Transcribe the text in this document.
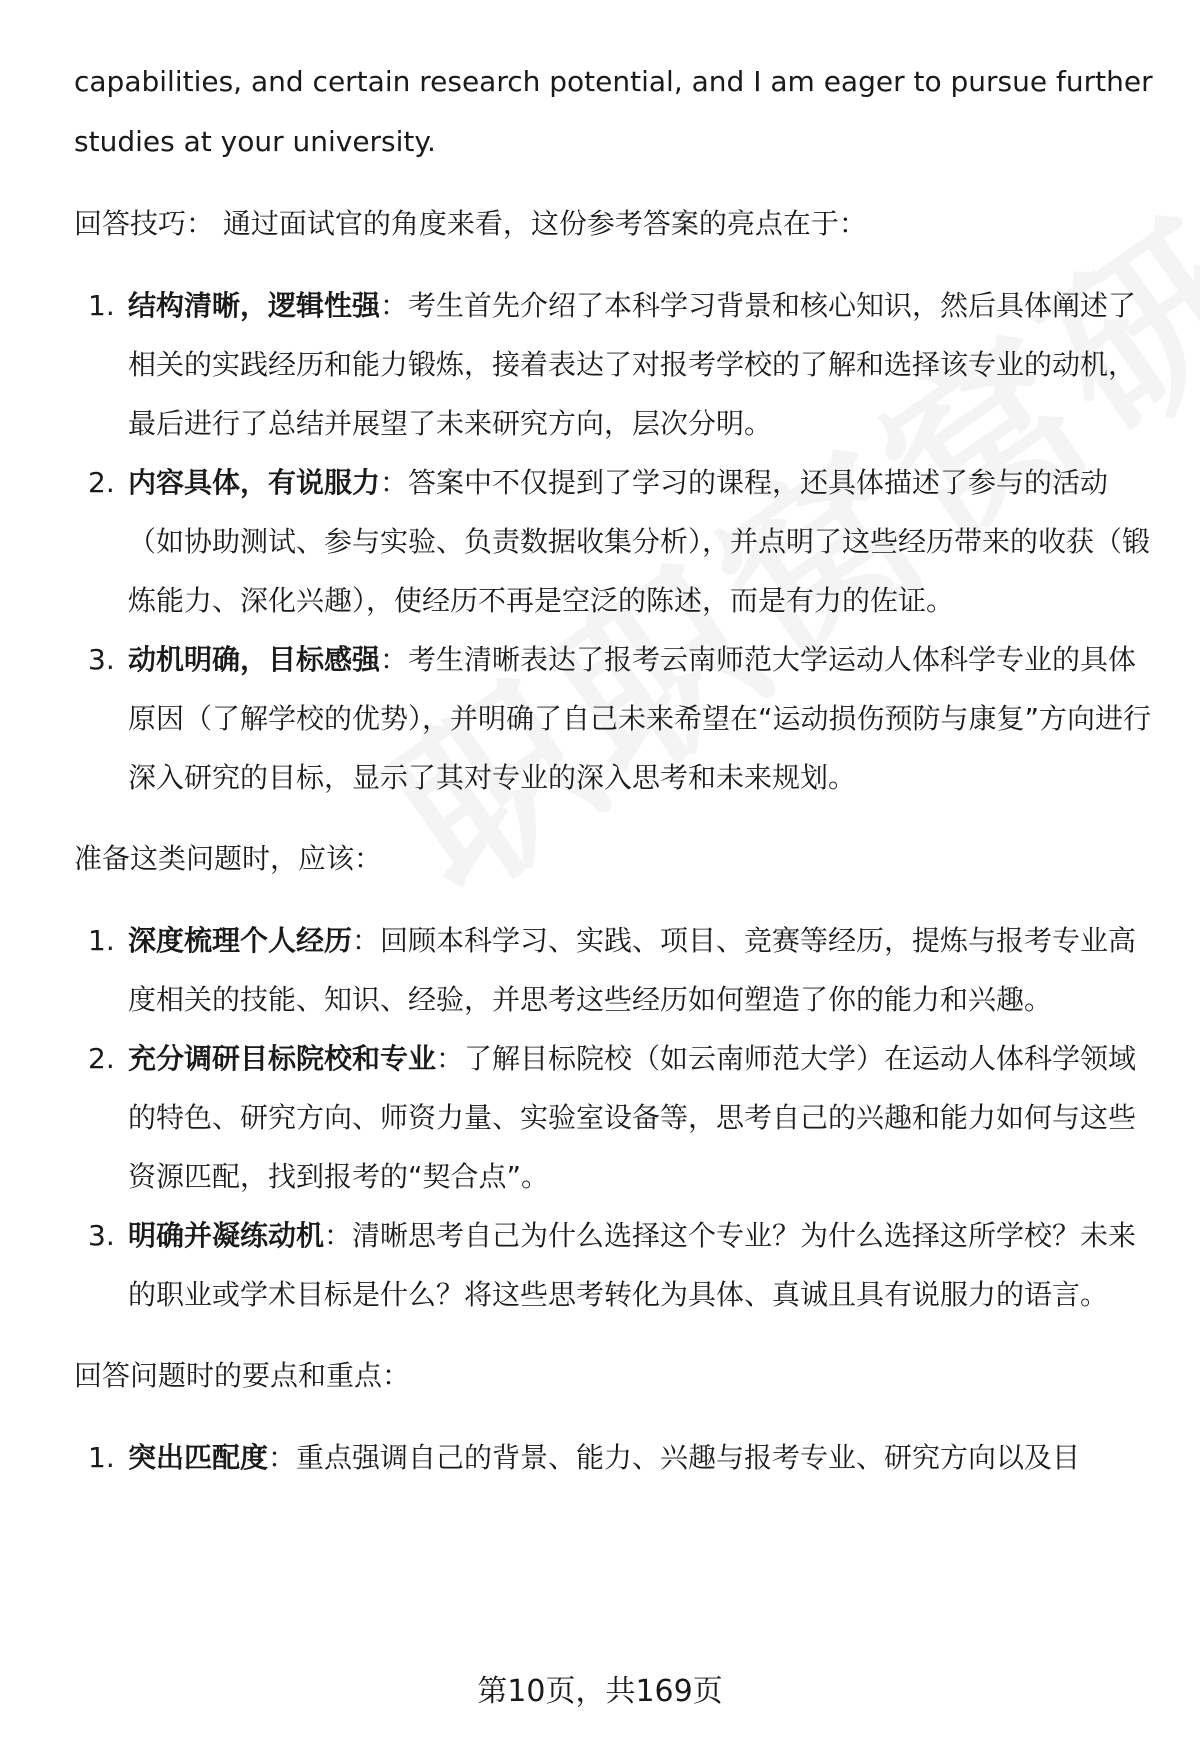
capabilities, and certain research potential, and I am eager to pursue further studies at your university.

回答技巧： 通过面试官的角度来看，这份参考答案的亮点在于：

1. 结构清晰，逻辑性强：考生首先介绍了本科学习背景和核心知识，然后具体阐述了相关的实践经历和能力锻炼，接着表达了对报考学校的了解和选择该专业的动机，最后进行了总结并展望了未来研究方向，层次分明。
2. 内容具体，有说服力：答案中不仅提到了学习的课程，还具体描述了参与的活动（如协助测试、参与实验、负责数据收集分析），并点明了这些经历带来的收获（锻炼能力、深化兴趣），使经历不再是空泛的陈述，而是有力的佐证。
3. 动机明确，目标感强：考生清晰表达了报考云南师范大学运动人体科学专业的具体原因（了解学校的优势），并明确了自己未来希望在“运动损伤预防与康复”方向进行深入研究的目标，显示了其对专业的深入思考和未来规划。

准备这类问题时，应该：

1. 深度梳理个人经历：回顾本科学习、实践、项目、竞赛等经历，提炼与报考专业高度相关的技能、知识、经验，并思考这些经历如何塑造了你的能力和兴趣。
2. 充分调研目标院校和专业：了解目标院校（如云南师范大学）在运动人体科学领域的特色、研究方向、师资力量、实验室设备等，思考自己的兴趣和能力如何与这些资源匹配，找到报考的“契合点”。
3. 明确并凝练动机：清晰思考自己为什么选择这个专业？为什么选择这所学校？未来的职业或学术目标是什么？将这些思考转化为具体、真诚且具有说服力的语言。

回答问题时的要点和重点：

1. 突出匹配度：重点强调自己的背景、能力、兴趣与报考专业、研究方向以及目
第10页，共169页
